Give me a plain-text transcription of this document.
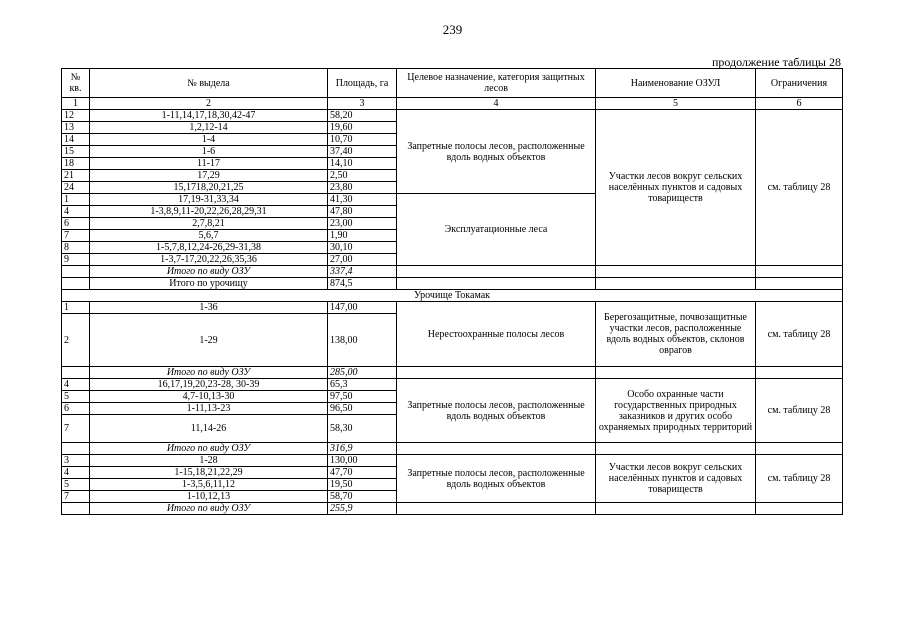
239
продолжение таблицы 28
№ кв.	№ выдела	Площадь, га	Целевое назначение, категория защитных лесов	Наименование ОЗУЛ	Ограничения
1	2	3	4	5	6
12	1-11,14,17,18,30,42-47	58,20	Запретные полосы лесов, расположенные вдоль водных объектов	Участки лесов вокруг сельских населённых пунктов и садовых товариществ	см. таблицу 28
13	1,2,12-14	19,60			
14	1-4	10,70			
15	1-6	37,40			
18	11-17	14,10			
21	17,29	2,50			
24	15,1718,20,21,25	23,80			
1	17,19-31,33,34	41,30	Эксплуатационные леса		
4	1-3,8,9,11-20,22,26,28,29,31	47,80			
6	2,7,8,21	23,00			
7	5,6,7	1,90			
8	1-5,7,8,12,24-26,29-31,38	30,10			
9	1-3,7-17,20,22,26,35,36	27,00			
	Итого по виду ОЗУ	337,4			
	Итого по урочищу	874,5			
Урочище Токамак					
1	1-36	147,00	Нерестоохранные полосы лесов	Берегозащитные, почвозащитные участки лесов, расположенные вдоль водных объектов, склонов оврагов	см. таблицу 28
2	1-29	138,00			
	Итого по виду ОЗУ	285,00			
4	16,17,19,20,23-28, 30-39	65,3	Запретные полосы лесов, расположенные вдоль водных объектов	Особо охранные части государственных природных заказников и других особо охраняемых природных территорий	см. таблицу 28
5	4,7-10,13-30	97,50			
6	1-11,13-23	96,50			
7	11,14-26	58,30			
	Итого по виду ОЗУ	316,9			
3	1-28	130,00	Запретные полосы лесов, расположенные вдоль водных объектов	Участки лесов вокруг сельских населённых пунктов и садовых товариществ	см. таблицу 28
4	1-15,18,21,22,29	47,70			
5	1-3,5,6,11,12	19,50			
7	1-10,12,13	58,70			
	Итого по виду ОЗУ	255,9			
